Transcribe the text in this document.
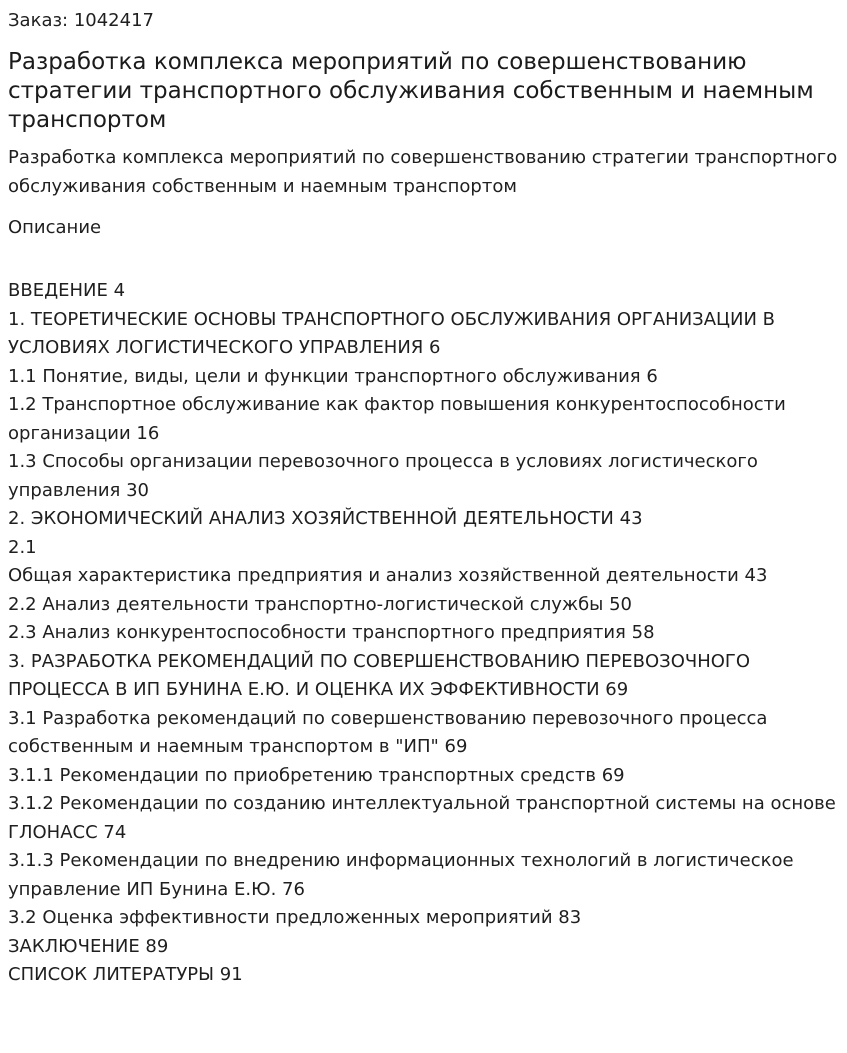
Заказ: 1042417

Разработка комплекса мероприятий по совершенствованию стратегии транспортного обслуживания собственным и наемным транспортом

Разработка комплекса мероприятий по совершенствованию стратегии транспортного обслуживания собственным и наемным транспортом

Описание

ВВЕДЕНИЕ 4
1. ТЕОРЕТИЧЕСКИЕ ОСНОВЫ ТРАНСПОРТНОГО ОБСЛУЖИВАНИЯ ОРГАНИЗАЦИИ В УСЛОВИЯХ ЛОГИСТИЧЕСКОГО УПРАВЛЕНИЯ 6
1.1 Понятие, виды, цели и функции транспортного обслуживания 6
1.2 Транспортное обслуживание как фактор повышения конкурентоспособности организации 16
1.3 Способы организации перевозочного процесса в условиях логистического управления 30
2. ЭКОНОМИЧЕСКИЙ АНАЛИЗ ХОЗЯЙСТВЕННОЙ ДЕЯТЕЛЬНОСТИ 43
2.1
Общая характеристика предприятия и анализ хозяйственной деятельности 43
2.2 Анализ деятельности транспортно-логистической службы 50
2.3 Анализ конкурентоспособности транспортного предприятия 58
3. РАЗРАБОТКА РЕКОМЕНДАЦИЙ ПО СОВЕРШЕНСТВОВАНИЮ ПЕРЕВОЗОЧНОГО ПРОЦЕССА В ИП БУНИНА Е.Ю. И ОЦЕНКА ИХ ЭФФЕКТИВНОСТИ 69
3.1 Разработка рекомендаций по совершенствованию перевозочного процесса собственным и наемным транспортом в "ИП" 69
3.1.1 Рекомендации по приобретению транспортных средств 69
3.1.2 Рекомендации по созданию интеллектуальной транспортной системы на основе ГЛОНАСС 74
3.1.3 Рекомендации по внедрению информационных технологий в логистическое управление ИП Бунина Е.Ю. 76
3.2 Оценка эффективности предложенных мероприятий 83
ЗАКЛЮЧЕНИЕ 89
СПИСОК ЛИТЕРАТУРЫ 91
